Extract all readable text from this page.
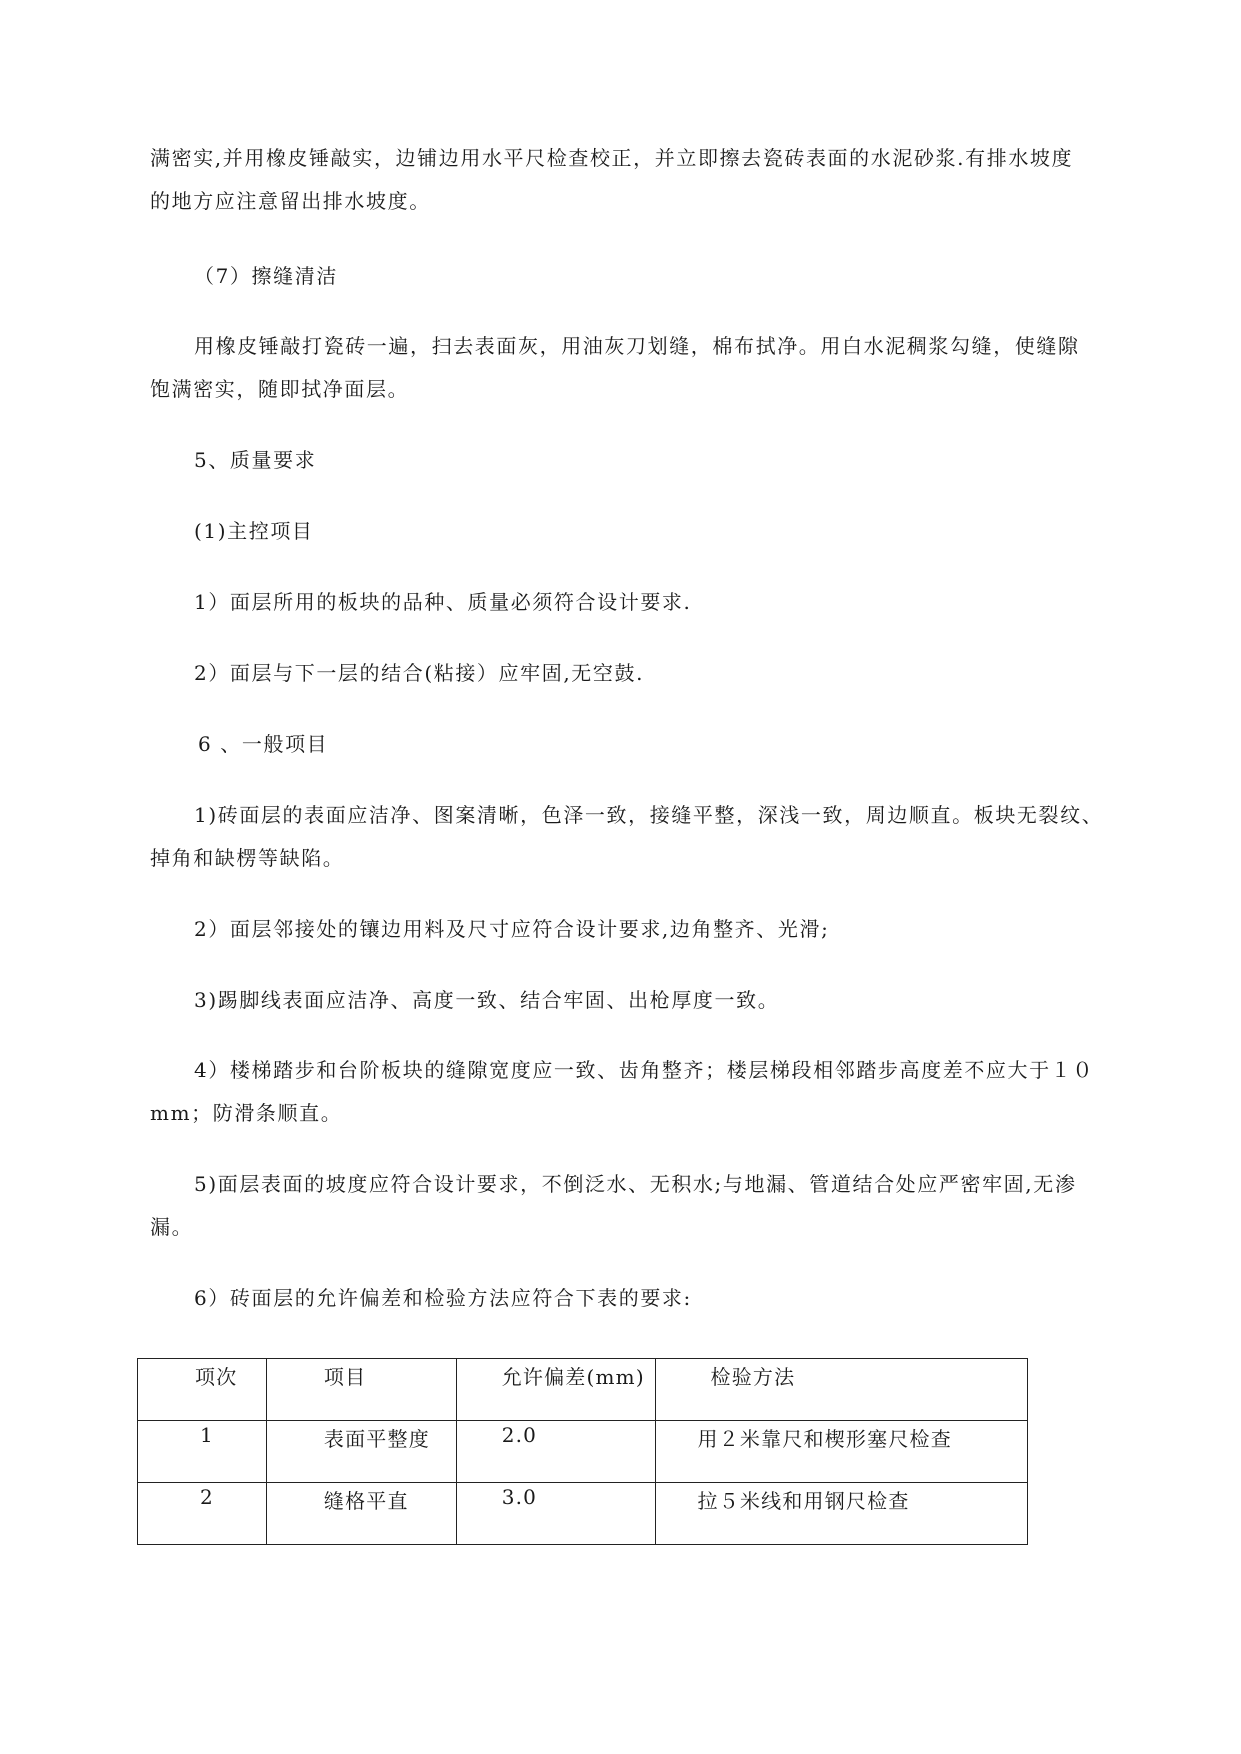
满密实,并用橡皮锤敲实，边铺边用水平尺检查校正，并立即擦去瓷砖表面的水泥砂浆.有排水坡度
的地方应注意留出排水坡度。
（7）擦缝清洁
用橡皮锤敲打瓷砖一遍，扫去表面灰，用油灰刀划缝，棉布拭净。用白水泥稠浆勾缝，使缝隙
饱满密实，随即拭净面层。
5、质量要求
(1)主控项目
1）面层所用的板块的品种、质量必须符合设计要求.
2）面层与下一层的结合(粘接）应牢固,无空鼓.
6 、一般项目
1)砖面层的表面应洁净、图案清晰，色泽一致，接缝平整，深浅一致，周边顺直。板块无裂纹、
掉角和缺楞等缺陷。
2）面层邻接处的镶边用料及尺寸应符合设计要求,边角整齐、光滑;
3)踢脚线表面应洁净、高度一致、结合牢固、出枪厚度一致。
4）楼梯踏步和台阶板块的缝隙宽度应一致、齿角整齐；楼层梯段相邻踏步高度差不应大于１０
mm；防滑条顺直。
5)面层表面的坡度应符合设计要求，不倒泛水、无积水;与地漏、管道结合处应严密牢固,无渗
漏。
6）砖面层的允许偏差和检验方法应符合下表的要求:
项次	项目	允许偏差(mm)	检验方法

1	表面平整度	2.0	用２米靠尺和楔形塞尺检查

2	缝格平直	3.0	拉５米线和用钢尺检查
